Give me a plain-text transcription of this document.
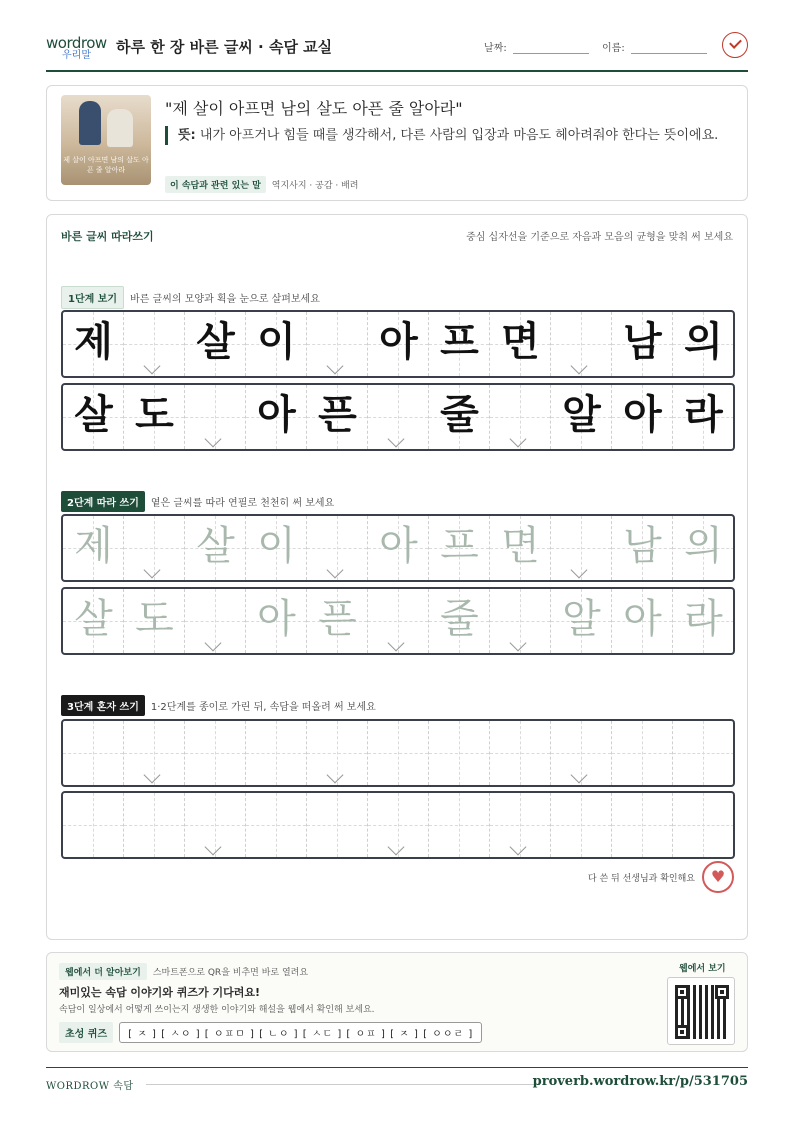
wordrow
우리말 하루 한 장 바른 글씨 · 속담 교실	날짜:	이름:
제 살이 아프면 남의 살도 아픈 줄 알아라
"제 살이 아프면 남의 살도 아픈 줄 알아라"
뜻: 내가 아프거나 힘들 때를 생각해서, 다른 사람의 입장과 마음도 헤아려줘야 한다는 뜻이에요.
이 속담과 관련 있는 말 역지사지 · 공감 · 배려
바른 글씨 따라쓰기	중심 십자선을 기준으로 자음과 모음의 균형을 맞춰 써 보세요
1단계 보기 바른 글씨의 모양과 획을 눈으로 살펴보세요
제 살 이 아 프 면 남 의
살 도 아 픈 줄 알 아 라
2단계 따라 쓰기 옅은 글씨를 따라 연필로 천천히 써 보세요
제 살 이 아 프 면 남 의
살 도 아 픈 줄 알 아 라
3단계 혼자 쓰기 1·2단계를 종이로 가린 뒤, 속담을 떠올려 써 보세요
다 쓴 뒤 선생님과 확인해요
♥
웹에서 더 알아보기 스마트폰으로 QR을 비추면 바로 열려요
재미있는 속담 이야기와 퀴즈가 기다려요!
속담이 일상에서 어떻게 쓰이는지 생생한 이야기와 해설을 웹에서 확인해 보세요.
초성 퀴즈 [ ㅈ ] [ ㅅㅇ ] [ ㅇㅍㅁ ] [ ㄴㅇ ] [ ㅅㄷ ] [ ㅇㅍ ] [ ㅈ ] [ ㅇㅇㄹ ]
웹에서 보기
WORDROW 속담	proverb.wordrow.kr/p/531705
